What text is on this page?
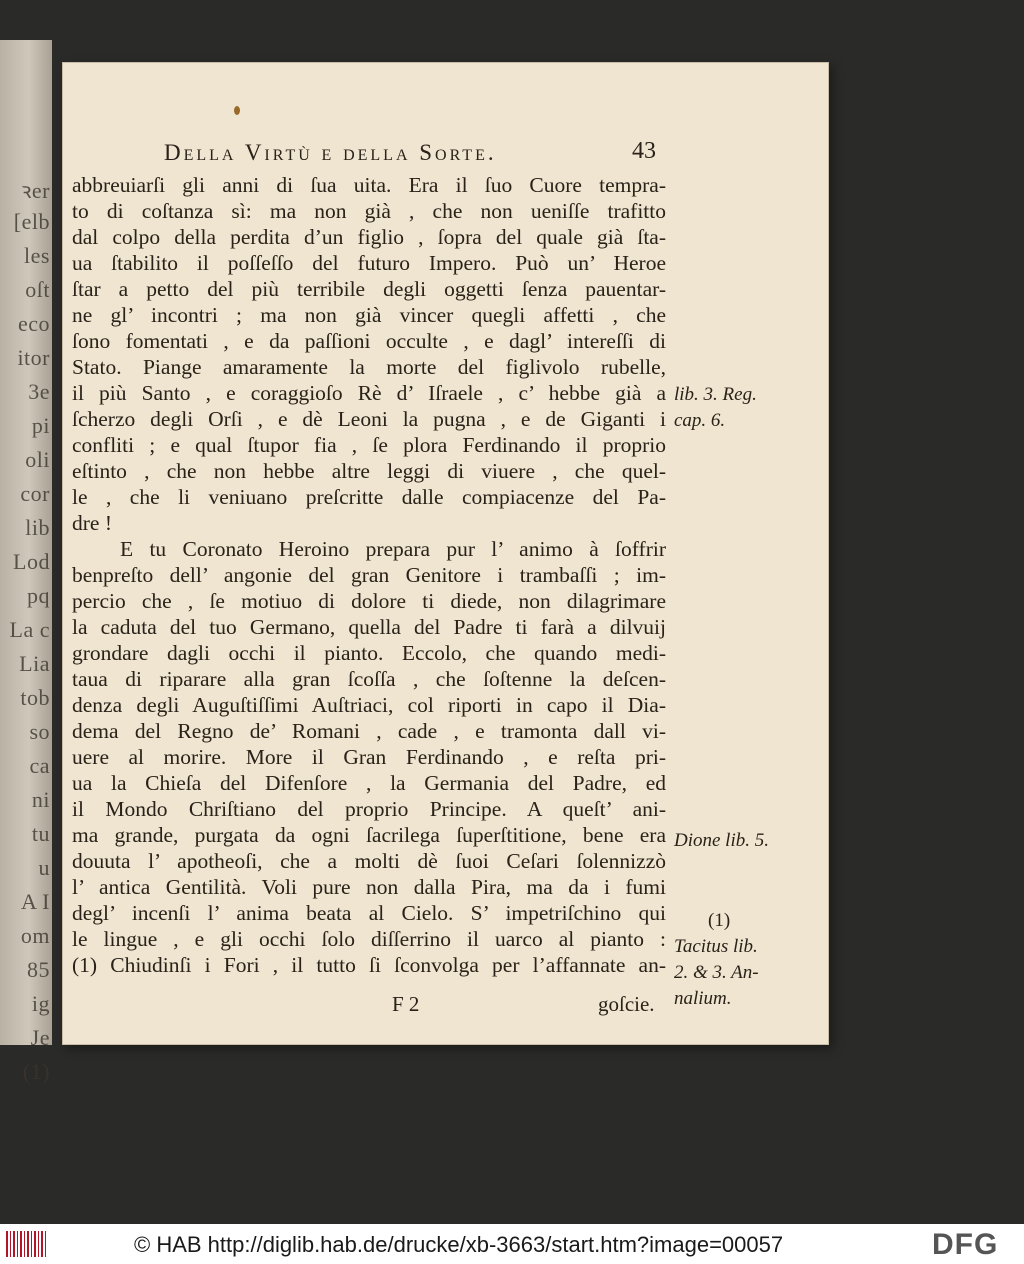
ꝛer
[elb
les
oſt
eco
itor
3e
pi
oli
cor
lib
Lod
pq
La c
Lia
tob
so
ca
ni
tu
u
A I
om
85
ig
Je
(1)
Della Virtù e della Sorte.	43
abbreuiarſi gli anni di ſua uita. Era il ſuo Cuore tempra-
to di coſtanza sì: ma non già , che non ueniſſe trafitto
dal colpo della perdita d’un figlio , ſopra del quale già ſta-
ua ſtabilito il poſſeſſo del futuro Impero. Può un’ Heroe
ſtar a petto del più terribile degli oggetti ſenza pauentar-
ne gl’ incontri ; ma non già vincer quegli affetti , che
ſono fomentati , e da paſſioni occulte , e dagl’ intereſſi di
Stato. Piange amaramente la morte del figlivolo rubelle,
il più Santo , e coraggioſo Rè d’ Iſraele , c’ hebbe già a
ſcherzo degli Orſi , e dè Leoni la pugna , e de Giganti i
confliti ; e qual ſtupor fia , ſe plora Ferdinando il proprio
eſtinto , che non hebbe altre leggi di viuere , che quel-
le , che li veniuano preſcritte dalle compiacenze del Pa-
dre !
E tu Coronato Heroino prepara pur l’ animo à ſoffrir
benpreſto dell’ angonie del gran Genitore i trambaſſi ; im-
percio che , ſe motiuo di dolore ti diede, non dilagrimare
la caduta del tuo Germano, quella del Padre ti farà a dilvuij
grondare dagli occhi il pianto. Eccolo, che quando medi-
taua di riparare alla gran ſcoſſa , che ſoſtenne la deſcen-
denza degli Auguſtiſſimi Auſtriaci, col riporti in capo il Dia-
dema del Regno de’ Romani , cade , e tramonta dall vi-
uere al morire. More il Gran Ferdinando , e reſta pri-
ua la Chieſa del Difenſore , la Germania del Padre, ed
il Mondo Chriſtiano del proprio Principe. A queſt’ ani-
ma grande, purgata da ogni ſacrilega ſuperſtitione, bene era
douuta l’ apotheoſi, che a molti dè ſuoi Ceſari ſolennizzò
l’ antica Gentilità. Voli pure non dalla Pira, ma da i fumi
degl’ incenſi l’ anima beata al Cielo. S’ impetriſchino qui
le lingue , e gli occhi ſolo diſſerrino il uarco al pianto :
(1) Chiudinſi i Fori , il tutto ſi ſconvolga per l’affannate an-
lib. 3. Reg.
cap. 6.
Dione lib. 5.
(1)
Tacitus lib.
2. & 3. An-
nalium.
F 2	goſcie.
© HAB http://diglib.hab.de/drucke/xb-3663/start.htm?image=00057	DFG
